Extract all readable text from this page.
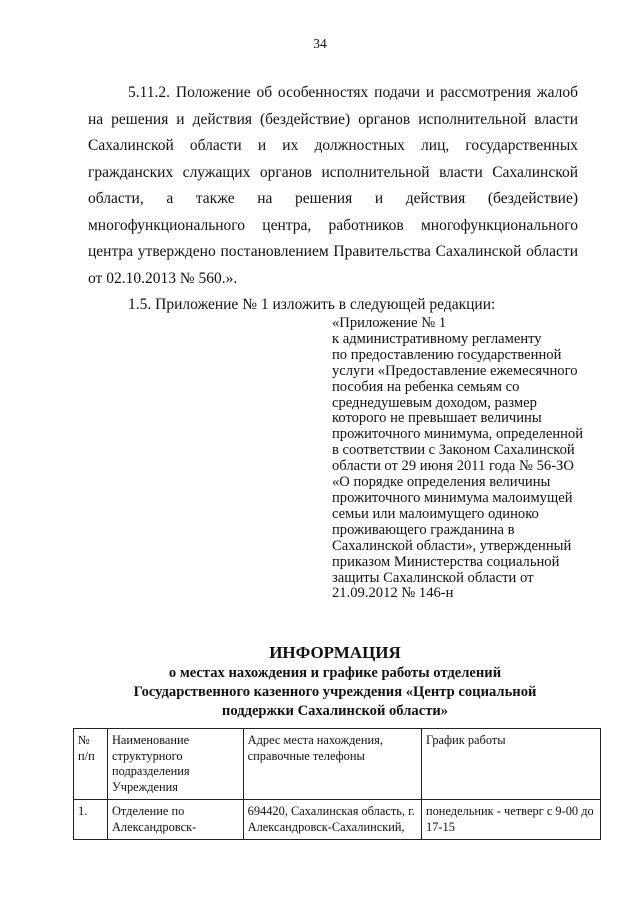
34

5.11.2. Положение об особенностях подачи и рассмотрения жалоб на решения и действия (бездействие) органов исполнительной власти Сахалинской области и их должностных лиц, государственных гражданских служащих органов исполнительной власти Сахалинской области, а также на решения и действия (бездействие) многофункционального центра, работников многофункционального центра утверждено постановлением Правительства Сахалинской области от 02.10.2013 № 560.».

1.5. Приложение № 1 изложить в следующей редакции:

«Приложение № 1
к административному регламенту
по предоставлению государственной
услуги «Предоставление ежемесячного
пособия на ребенка семьям со
среднедушевым доходом, размер
которого не превышает величины
прожиточного минимума, определенной
в соответствии с Законом Сахалинской
области от 29 июня 2011 года № 56-ЗО
«О порядке определения величины
прожиточного минимума малоимущей
семьи или малоимущего одиноко
проживающего гражданина в
Сахалинской области», утвержденный
приказом Министерства социальной
защиты Сахалинской области от
21.09.2012 № 146-н
ИНФОРМАЦИЯ
о местах нахождения и графике работы отделений
Государственного казенного учреждения «Центр социальной
поддержки Сахалинской области»
№ п/п	Наименование структурного подразделения Учреждения	Адрес места нахождения, справочные телефоны	График работы
1.	Отделение по Александровск-	694420, Сахалинская область, г. Александровск-Сахалинский,	понедельник - четверг с 9-00 до 17-15
